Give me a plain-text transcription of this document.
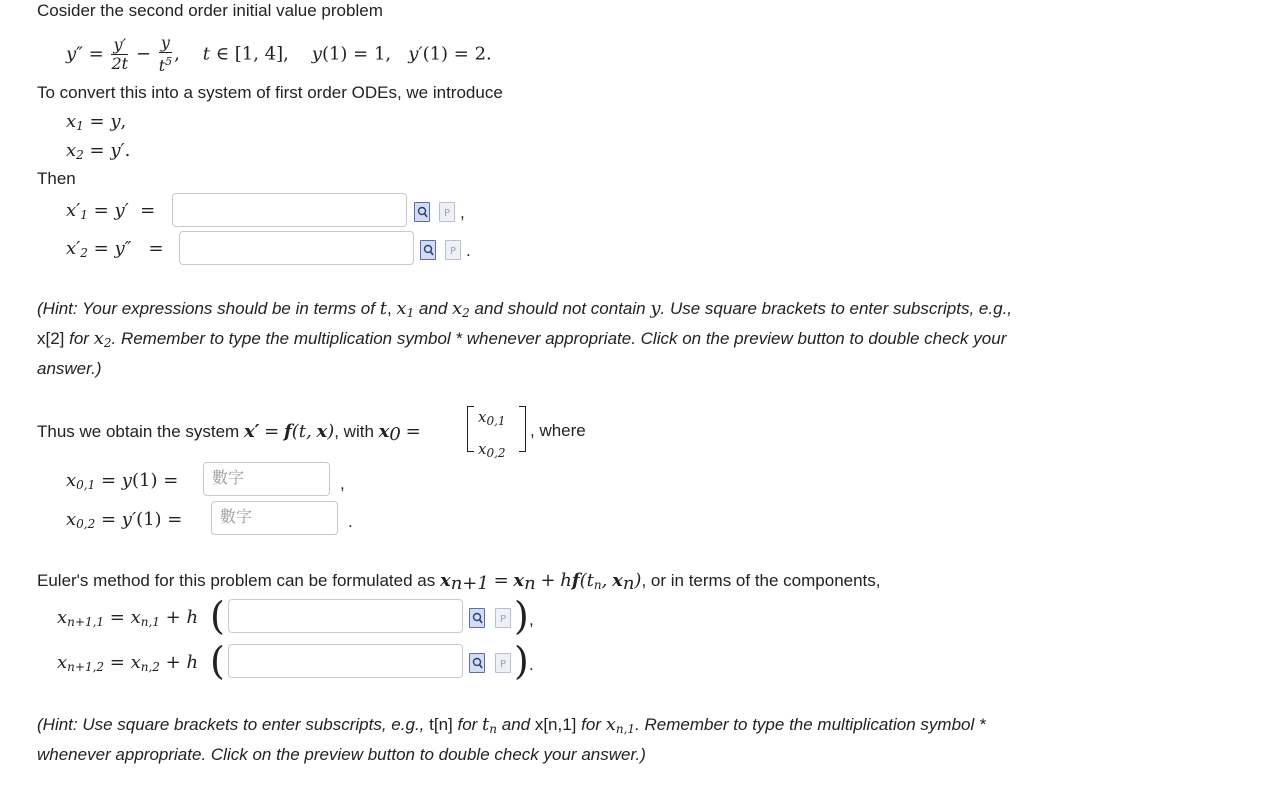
Cosider the second order initial value problem
$y'' = \frac{y'}{2t} - \frac{y}{t^5}$ ,    t ∈ [1, 4],    y(1) = 1,   y′(1) = 2.
To convert this into a system of first order ODEs, we introduce
$x_1 = y$,
$x_2 = y'$.
Then
$x'_1 = y'$  =	P ,
$x'_2 = y''$   =	P .
(Hint: Your expressions should be in terms of t, $x_1$ and $x_2$ and should not contain y. Use square brackets to enter subscripts, e.g.,
x[2] for $x_2$. Remember to type the multiplication symbol * whenever appropriate. Click on the preview button to double check your
answer.)
Thus we obtain the system x′ = f(t, x), with $x_0$ =
$x_{0,1}$
$x_{0,2}$
, where
$x_{0,1} = y(1)$ =
數字	,
$x_{0,2} = y'(1)$ =
數字	.
Euler's method for this problem can be formulated as $x_{n+1} = x_n + hf(t_n$, $x_n$), or in terms of the components,
$x_{n+1,1} = x_{n,1} + h$ (	P ) ,
$x_{n+1,2} = x_{n,2} + h$ (	P ) .
(Hint: Use square brackets to enter subscripts, e.g., t[n] for $t_n$ and x[n,1] for $x_{n,1}$. Remember to type the multiplication symbol *
whenever appropriate. Click on the preview button to double check your answer.)
